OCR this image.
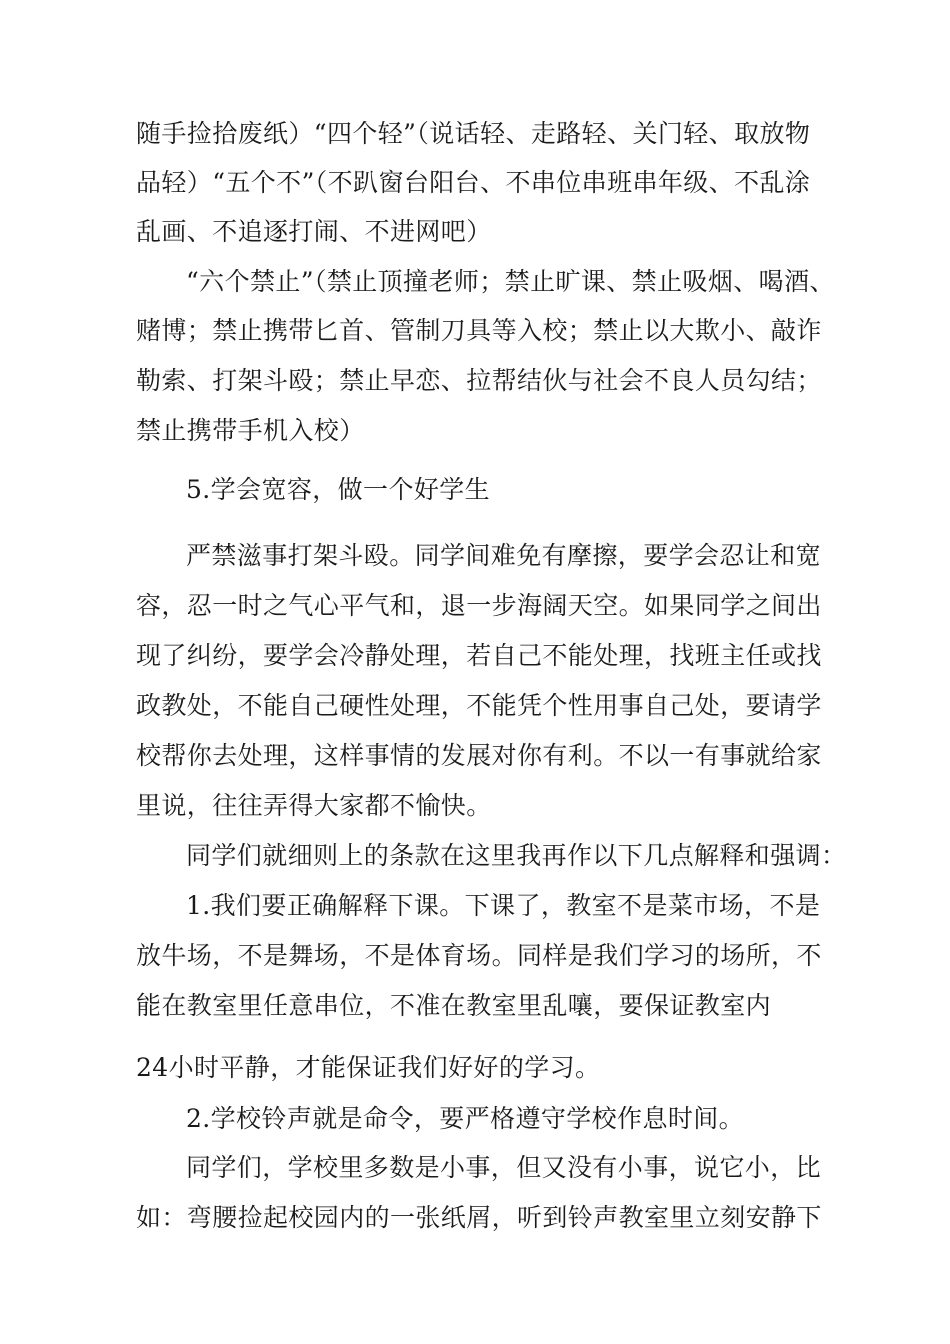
随手捡拾废纸）“四个轻”（说话轻、走路轻、关门轻、取放物

品轻）“五个不”（不趴窗台阳台、不串位串班串年级、不乱涂

乱画、不追逐打闹、不进网吧）

“六个禁止”（禁止顶撞老师；禁止旷课、禁止吸烟、喝酒、

赌博；禁止携带匕首、管制刀具等入校；禁止以大欺小、敲诈

勒索、打架斗殴；禁止早恋、拉帮结伙与社会不良人员勾结；

禁止携带手机入校）

5.学会宽容，做一个好学生

严禁滋事打架斗殴。同学间难免有摩擦，要学会忍让和宽

容，忍一时之气心平气和，退一步海阔天空。如果同学之间出

现了纠纷，要学会冷静处理，若自己不能处理，找班主任或找

政教处，不能自己硬性处理，不能凭个性用事自己处，要请学

校帮你去处理，这样事情的发展对你有利。不以一有事就给家

里说，往往弄得大家都不愉快。

同学们就细则上的条款在这里我再作以下几点解释和强调：

1.我们要正确解释下课。下课了，教室不是菜市场，不是

放牛场，不是舞场，不是体育场。同样是我们学习的场所，不

能在教室里任意串位，不准在教室里乱嚷，要保证教室内

24小时平静，才能保证我们好好的学习。

2.学校铃声就是命令，要严格遵守学校作息时间。

同学们，学校里多数是小事，但又没有小事，说它小，比

如：弯腰捡起校园内的一张纸屑，听到铃声教室里立刻安静下
